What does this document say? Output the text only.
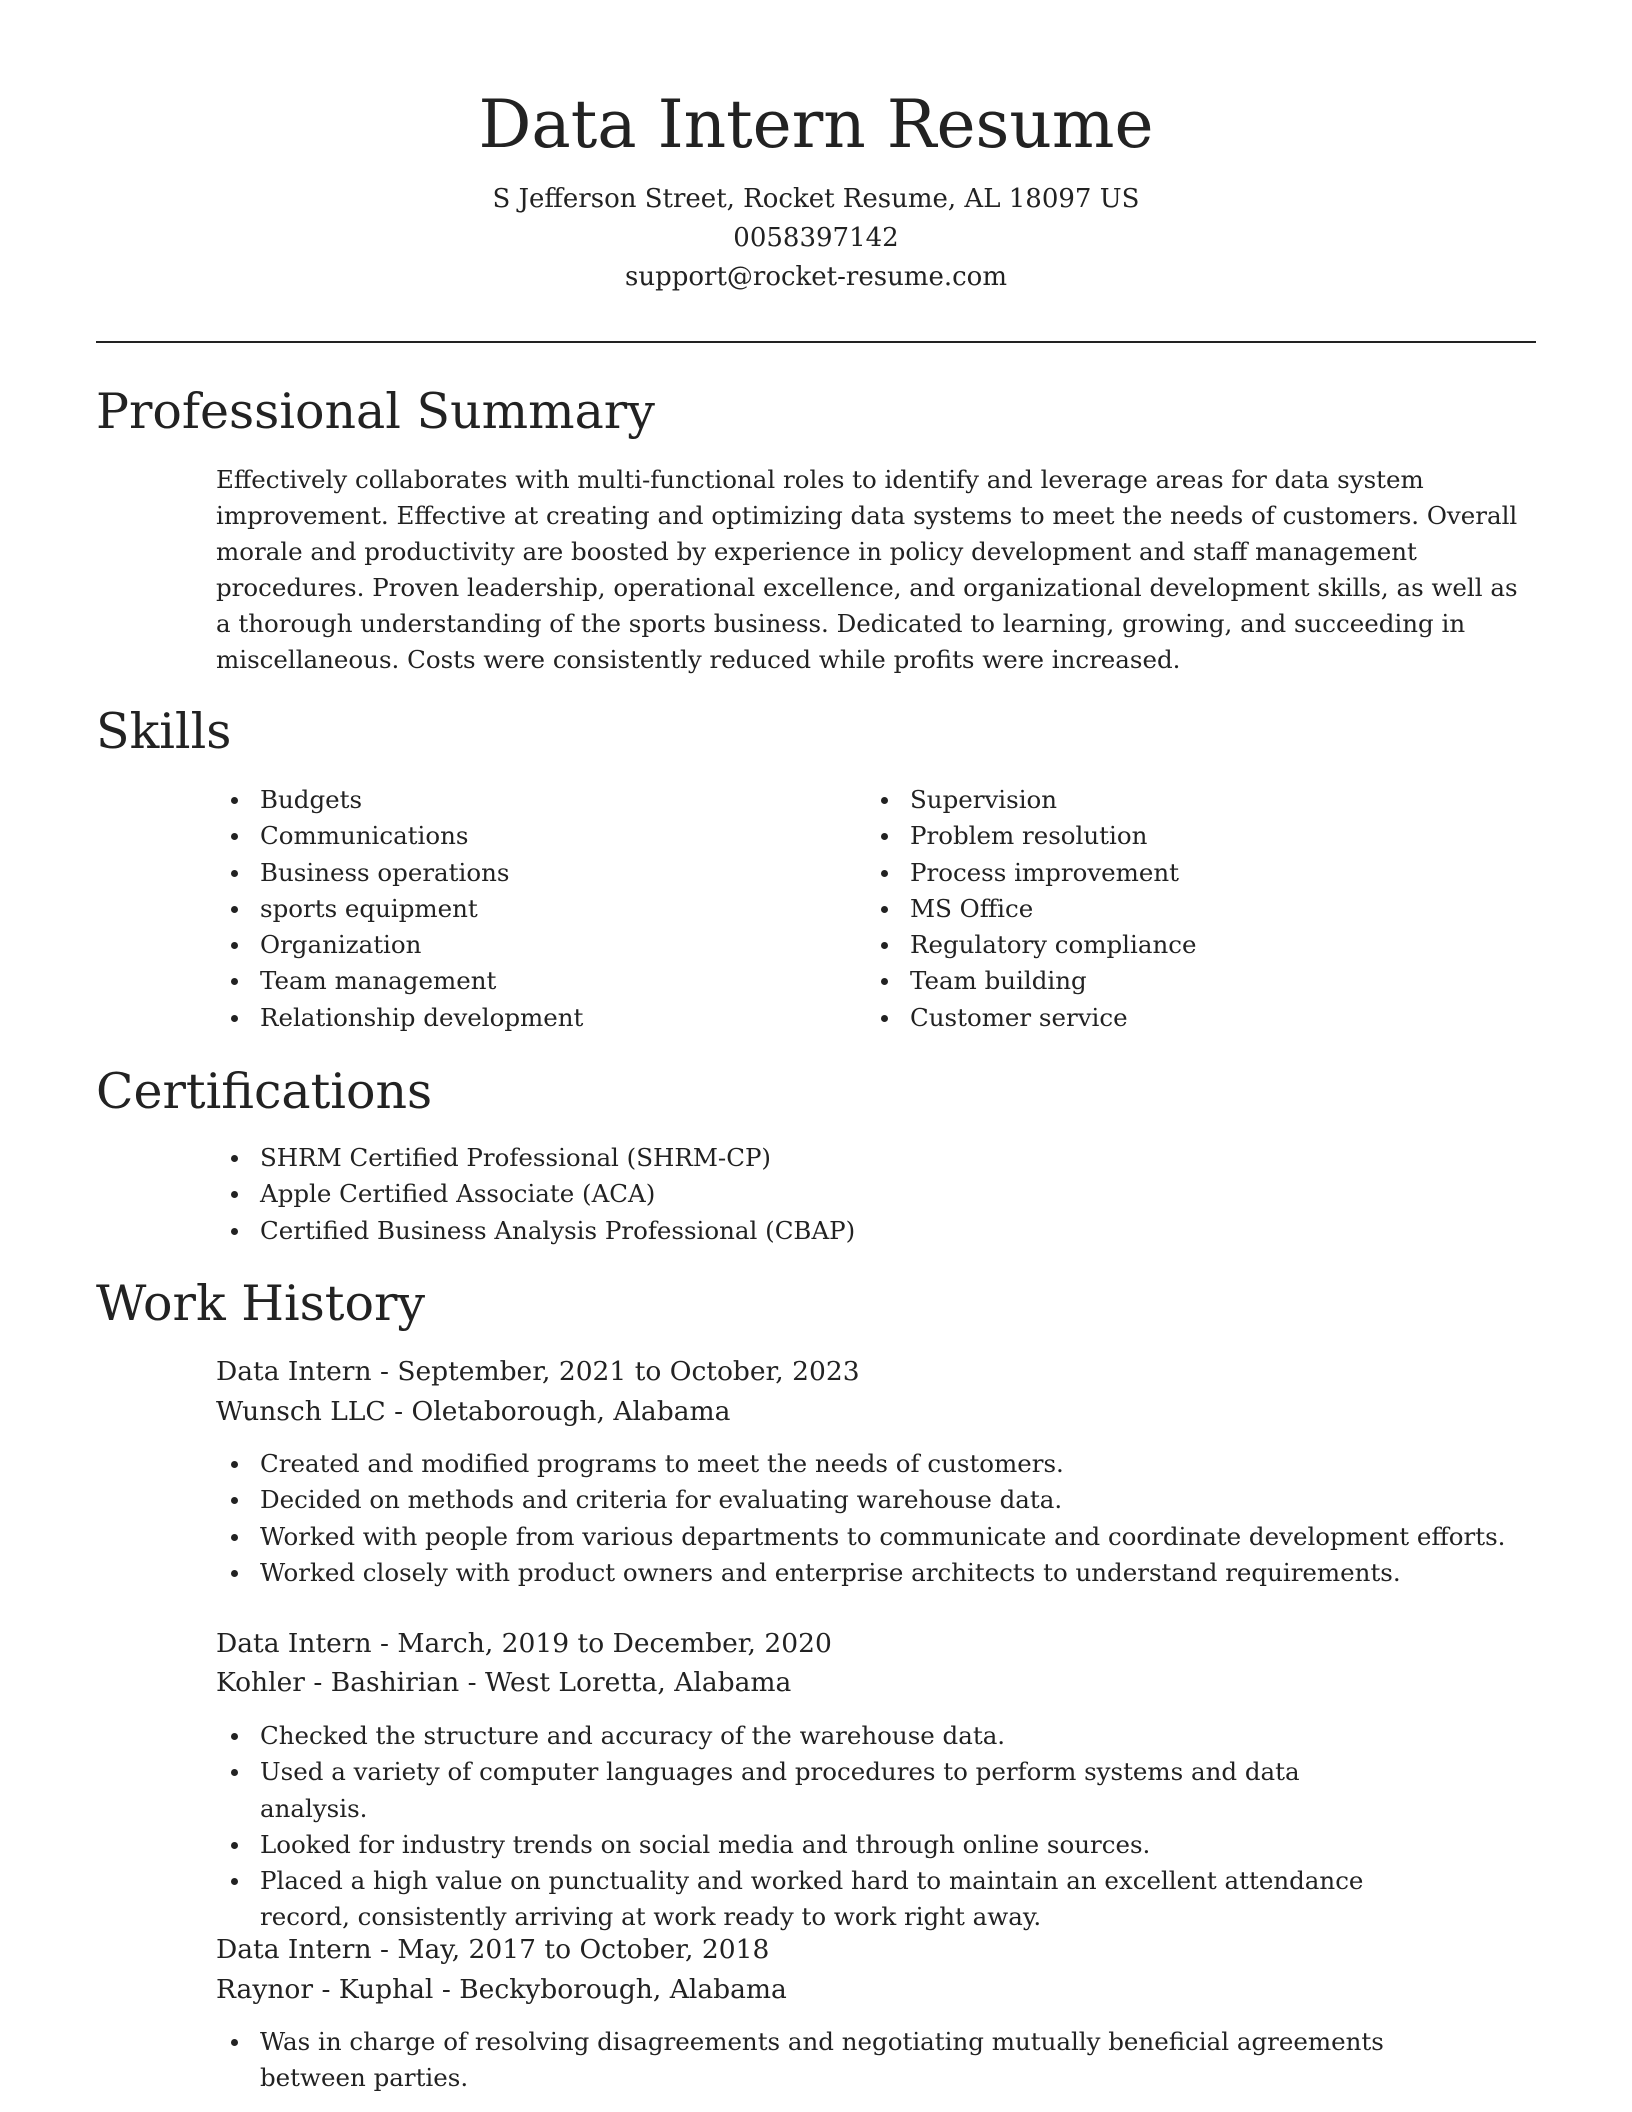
Data Intern Resume
S Jefferson Street, Rocket Resume, AL 18097 US
0058397142
support@rocket-resume.com
Professional Summary

Effectively collaborates with multi-functional roles to identify and leverage areas for data system improvement. Effective at creating and optimizing data systems to meet the needs of customers. Overall morale and productivity are boosted by experience in policy development and staff management procedures. Proven leadership, operational excellence, and organizational development skills, as well as a thorough understanding of the sports business. Dedicated to learning, growing, and succeeding in miscellaneous. Costs were consistently reduced while profits were increased.

Skills
Budgets
Communications
Business operations
sports equipment
Organization
Team management
Relationship development
Supervision
Problem resolution
Process improvement
MS Office
Regulatory compliance
Team building
Customer service
Certifications
SHRM Certified Professional (SHRM-CP)
Apple Certified Associate (ACA)
Certified Business Analysis Professional (CBAP)
Work History
Data Intern - September, 2021 to October, 2023
Wunsch LLC - Oletaborough, Alabama
Created and modified programs to meet the needs of customers.
Decided on methods and criteria for evaluating warehouse data.
Worked with people from various departments to communicate and coordinate development efforts.
Worked closely with product owners and enterprise architects to understand requirements.
Data Intern - March, 2019 to December, 2020
Kohler - Bashirian - West Loretta, Alabama
Checked the structure and accuracy of the warehouse data.
Used a variety of computer languages and procedures to perform systems and data analysis.
Looked for industry trends on social media and through online sources.
Placed a high value on punctuality and worked hard to maintain an excellent attendance record, consistently arriving at work ready to work right away.
Data Intern - May, 2017 to October, 2018
Raynor - Kuphal - Beckyborough, Alabama
Was in charge of resolving disagreements and negotiating mutually beneficial agreements between parties.
